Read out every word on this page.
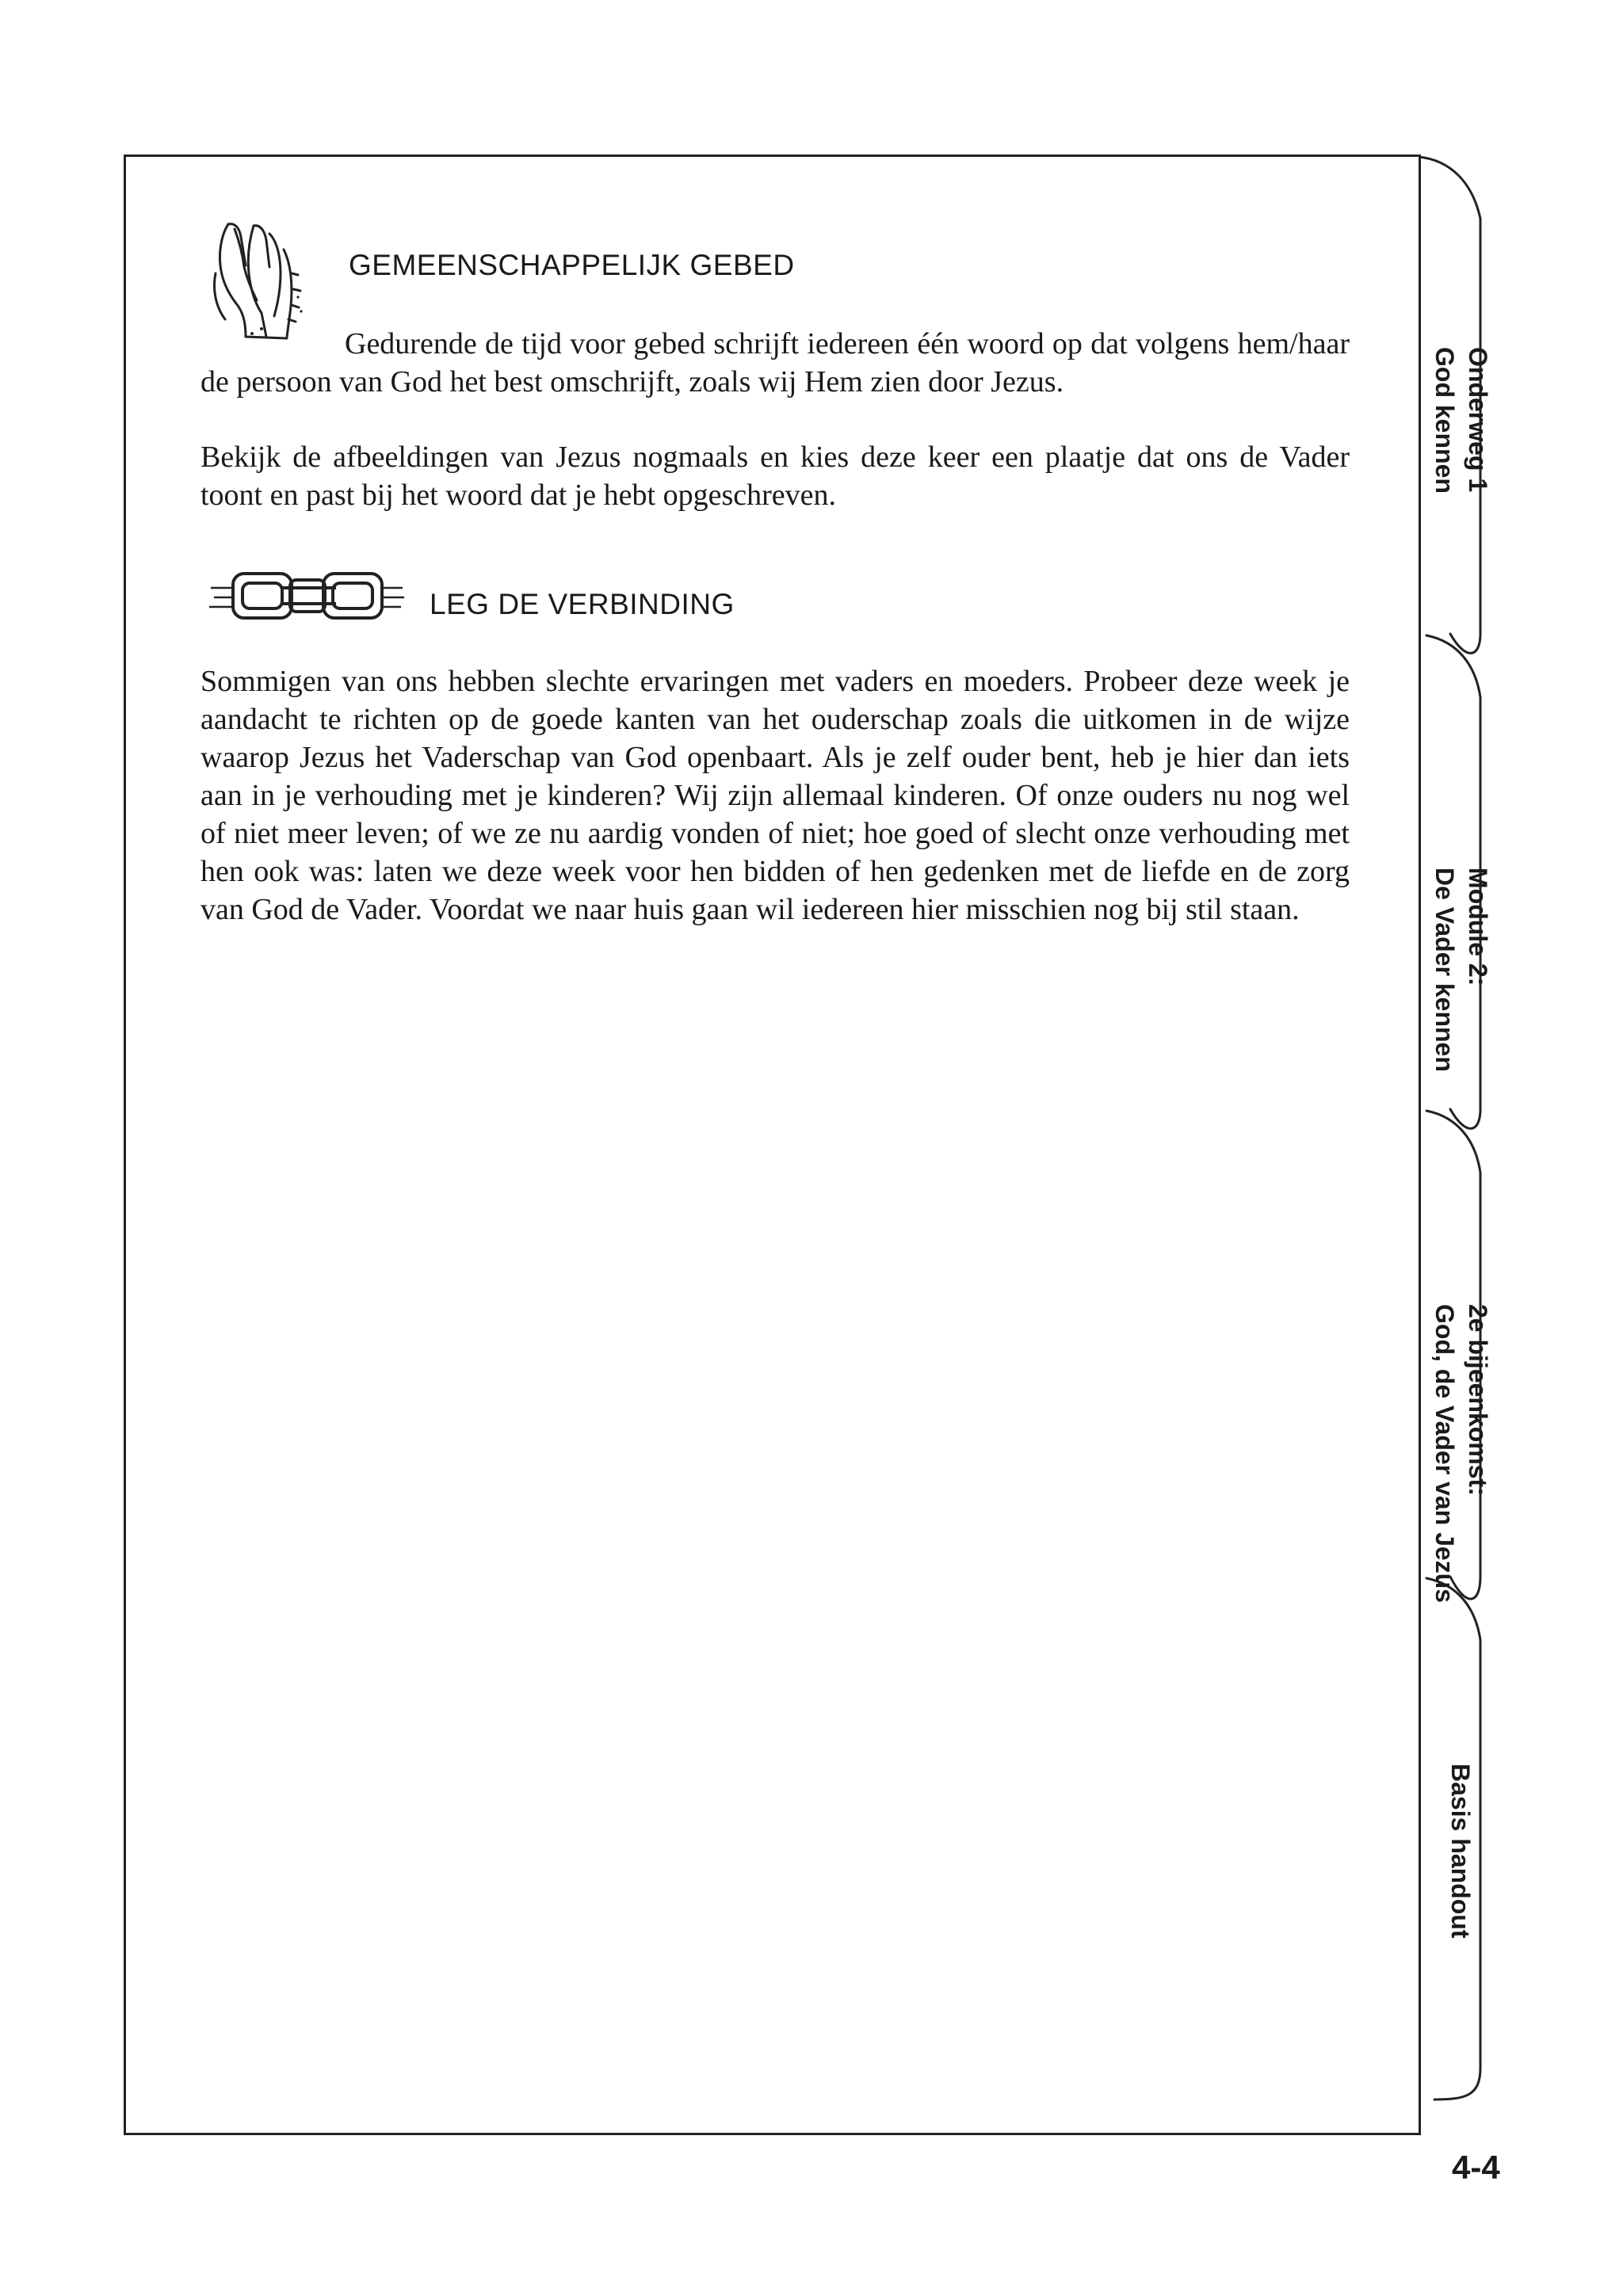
GEMEENSCHAPPELIJK GEBED

Gedurende de tijd voor gebed schrijft iedereen één woord op dat volgens hem/haar de persoon van God het best omschrijft, zoals wij Hem zien door Jezus.

Bekijk de afbeeldingen van Jezus nogmaals en kies deze keer een plaatje dat ons de Vader toont en past bij het woord dat je hebt opgeschreven.

LEG DE VERBINDING

Sommigen van ons hebben slechte ervaringen met vaders en moeders. Probeer deze week je aandacht te richten op de goede kanten van het ouderschap zoals die uitkomen in de wijze waarop Jezus het Vaderschap van God openbaart. Als je zelf ouder bent, heb je hier dan iets aan in je verhouding met je kinderen? Wij zijn allemaal kinderen. Of onze ouders nu nog wel of niet meer leven; of we ze nu aardig vonden of niet; hoe goed of slecht onze verhouding met hen ook was: laten we deze week voor hen bidden of hen gedenken met de liefde en de zorg van God de Vader. Voordat we naar huis gaan wil iedereen hier misschien nog bij stil staan.

Onderweg 1
God kennen
Module 2:
De Vader kennen
2e bijeenkomst:
God, de Vader van Jezus
Basis handout
4-4
